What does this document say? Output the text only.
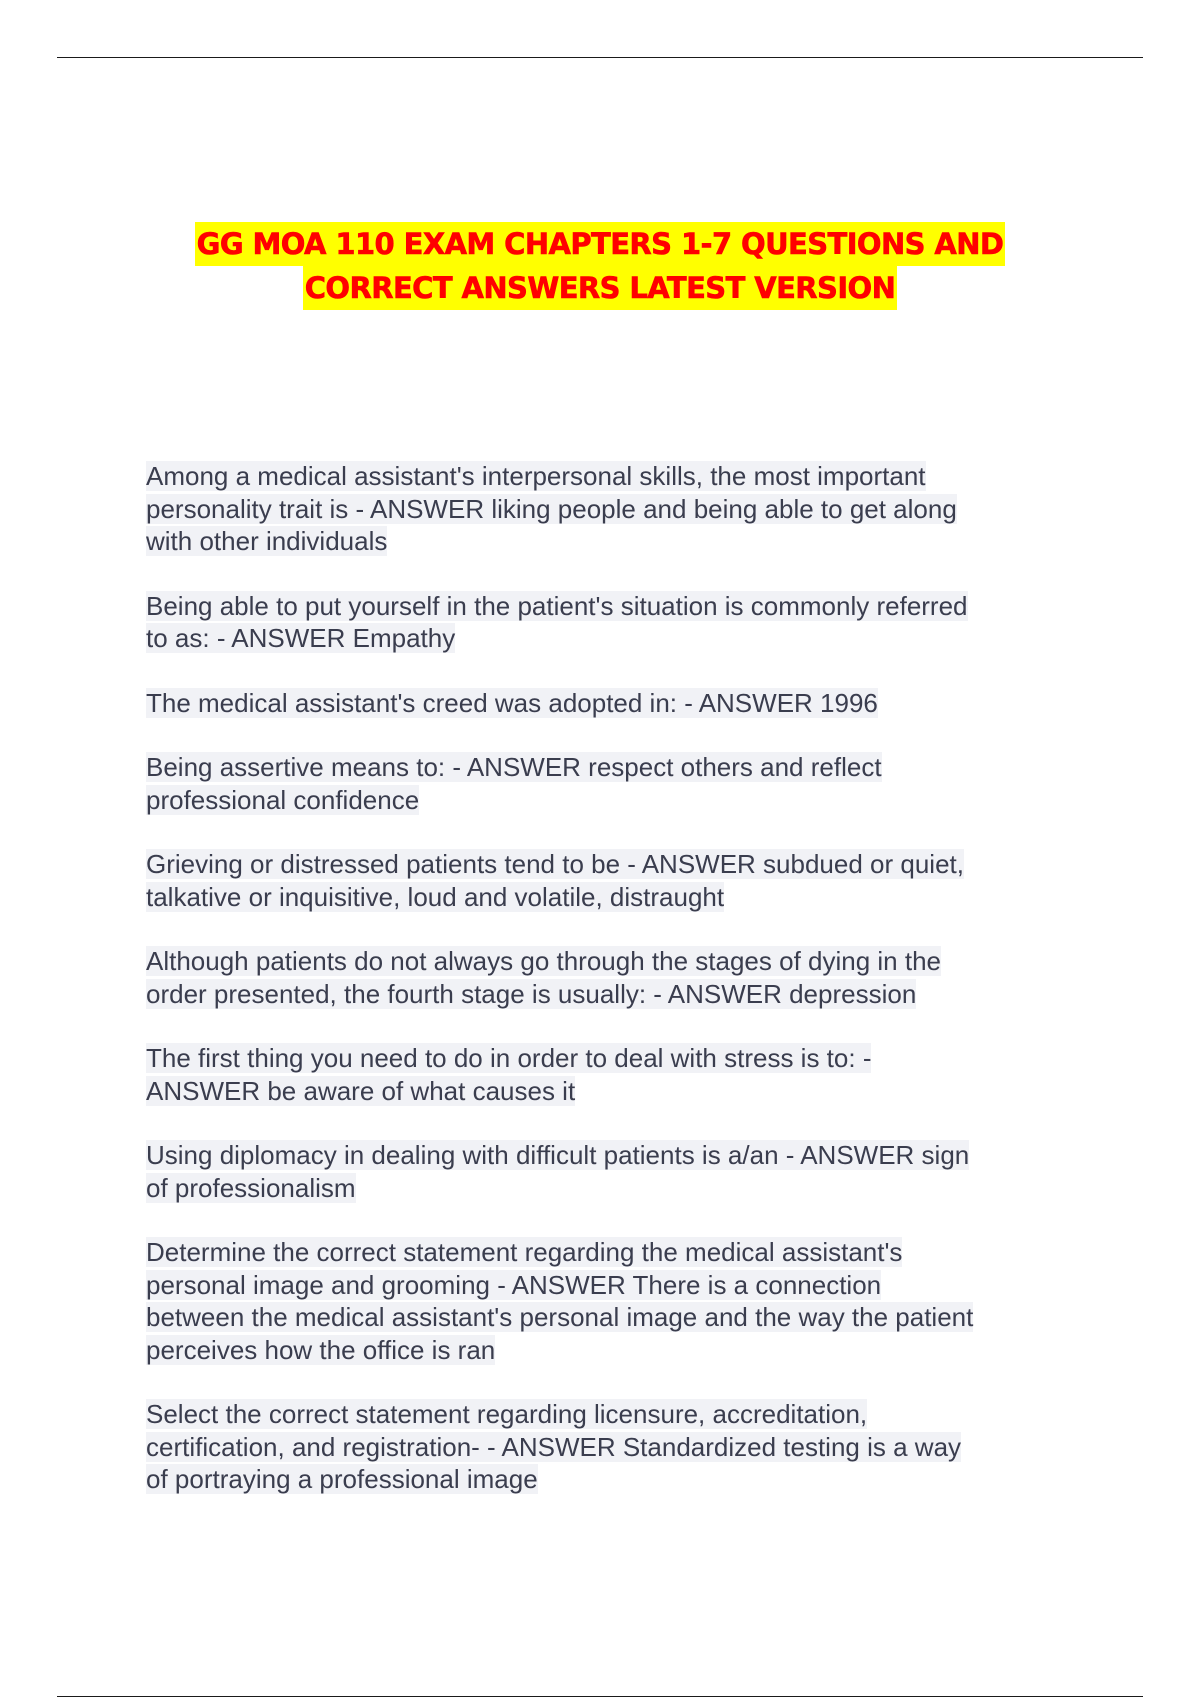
GG MOA 110 EXAM CHAPTERS 1-7 QUESTIONS AND
CORRECT ANSWERS LATEST VERSION
Among a medical assistant's interpersonal skills, the most important
personality trait is - ANSWER liking people and being able to get along
with other individuals
Being able to put yourself in the patient's situation is commonly referred
to as: - ANSWER Empathy
The medical assistant's creed was adopted in: - ANSWER 1996
Being assertive means to: - ANSWER respect others and reflect
professional confidence
Grieving or distressed patients tend to be - ANSWER subdued or quiet,
talkative or inquisitive, loud and volatile, distraught
Although patients do not always go through the stages of dying in the
order presented, the fourth stage is usually: - ANSWER depression
The first thing you need to do in order to deal with stress is to: -
ANSWER be aware of what causes it
Using diplomacy in dealing with difficult patients is a/an - ANSWER sign
of professionalism
Determine the correct statement regarding the medical assistant's
personal image and grooming - ANSWER There is a connection
between the medical assistant's personal image and the way the patient
perceives how the office is ran
Select the correct statement regarding licensure, accreditation,
certification, and registration- - ANSWER Standardized testing is a way
of portraying a professional image
